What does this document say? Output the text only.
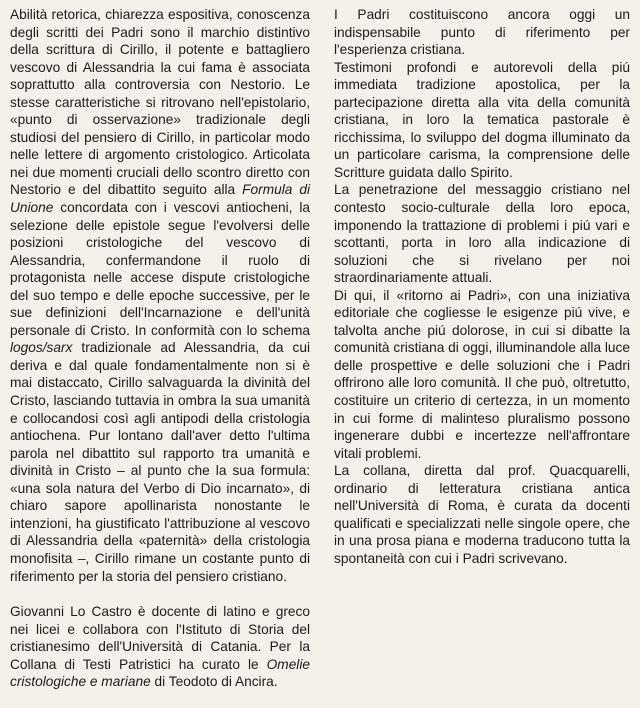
Abilità retorica, chiarezza espositiva, conoscenza degli scritti dei Padri sono il marchio distintivo della scrittura di Cirillo, il potente e battagliero vescovo di Alessandria la cui fama è associata soprattutto alla controversia con Nestorio. Le stesse caratteristiche si ritrovano nell'epistolario, «punto di osservazione» tradizionale degli studiosi del pensiero di Cirillo, in particolar modo nelle lettere di argomento cristologico. Articolata nei due momenti cruciali dello scontro diretto con Nestorio e del dibattito seguito alla Formula di Unione concordata con i vescovi antiocheni, la selezione delle epistole segue l'evolversi delle posizioni cristologiche del vescovo di Alessandria, confermandone il ruolo di protagonista nelle accese dispute cristologiche del suo tempo e delle epoche successive, per le sue definizioni dell'Incarnazione e dell'unità personale di Cristo. In conformità con lo schema logos/sarx tradizionale ad Alessandria, da cui deriva e dal quale fondamentalmente non si è mai distaccato, Cirillo salvaguarda la divinità del Cristo, lasciando tuttavia in ombra la sua umanità e collocandosi così agli antipodi della cristologia antiochena. Pur lontano dall'aver detto l'ultima parola nel dibattito sul rapporto tra umanità e divinità in Cristo – al punto che la sua formula: «una sola natura del Verbo di Dio incarnato», di chiaro sapore apollinarista nonostante le intenzioni, ha giustificato l'attribuzione al vescovo di Alessandria della «paternità» della cristologia monofisita –, Cirillo rimane un costante punto di riferimento per la storia del pensiero cristiano.

Giovanni Lo Castro è docente di latino e greco nei licei e collabora con l'Istituto di Storia del cristianesimo dell'Università di Catania. Per la Collana di Testi Patristici ha curato le Omelie cristologiche e mariane di Teodoto di Ancira.

I Padri costituiscono ancora oggi un indispensabile punto di riferimento per l'esperienza cristiana.

Testimoni profondi e autorevoli della piú immediata tradizione apostolica, per la partecipazione diretta alla vita della comunità cristiana, in loro la tematica pastorale è ricchissima, lo sviluppo del dogma illuminato da un particolare carisma, la comprensione delle Scritture guidata dallo Spirito.

La penetrazione del messaggio cristiano nel contesto socio-culturale della loro epoca, imponendo la trattazione di problemi i piú vari e scottanti, porta in loro alla indicazione di soluzioni che si rivelano per noi straordinariamente attuali.

Di qui, il «ritorno ai Padri», con una iniziativa editoriale che cogliesse le esigenze piú vive, e talvolta anche piú dolorose, in cui si dibatte la comunità cristiana di oggi, illuminandole alla luce delle prospettive e delle soluzioni che i Padri offrirono alle loro comunità. Il che può, oltretutto, costituire un criterio di certezza, in un momento in cui forme di malinteso pluralismo possono ingenerare dubbi e incertezze nell'affrontare vitali problemi.

La collana, diretta dal prof. Quacquarelli, ordinario di letteratura cristiana antica nell'Università di Roma, è curata da docenti qualificati e specializzati nelle singole opere, che in una prosa piana e moderna traducono tutta la spontaneità con cui i Padri scrivevano.
